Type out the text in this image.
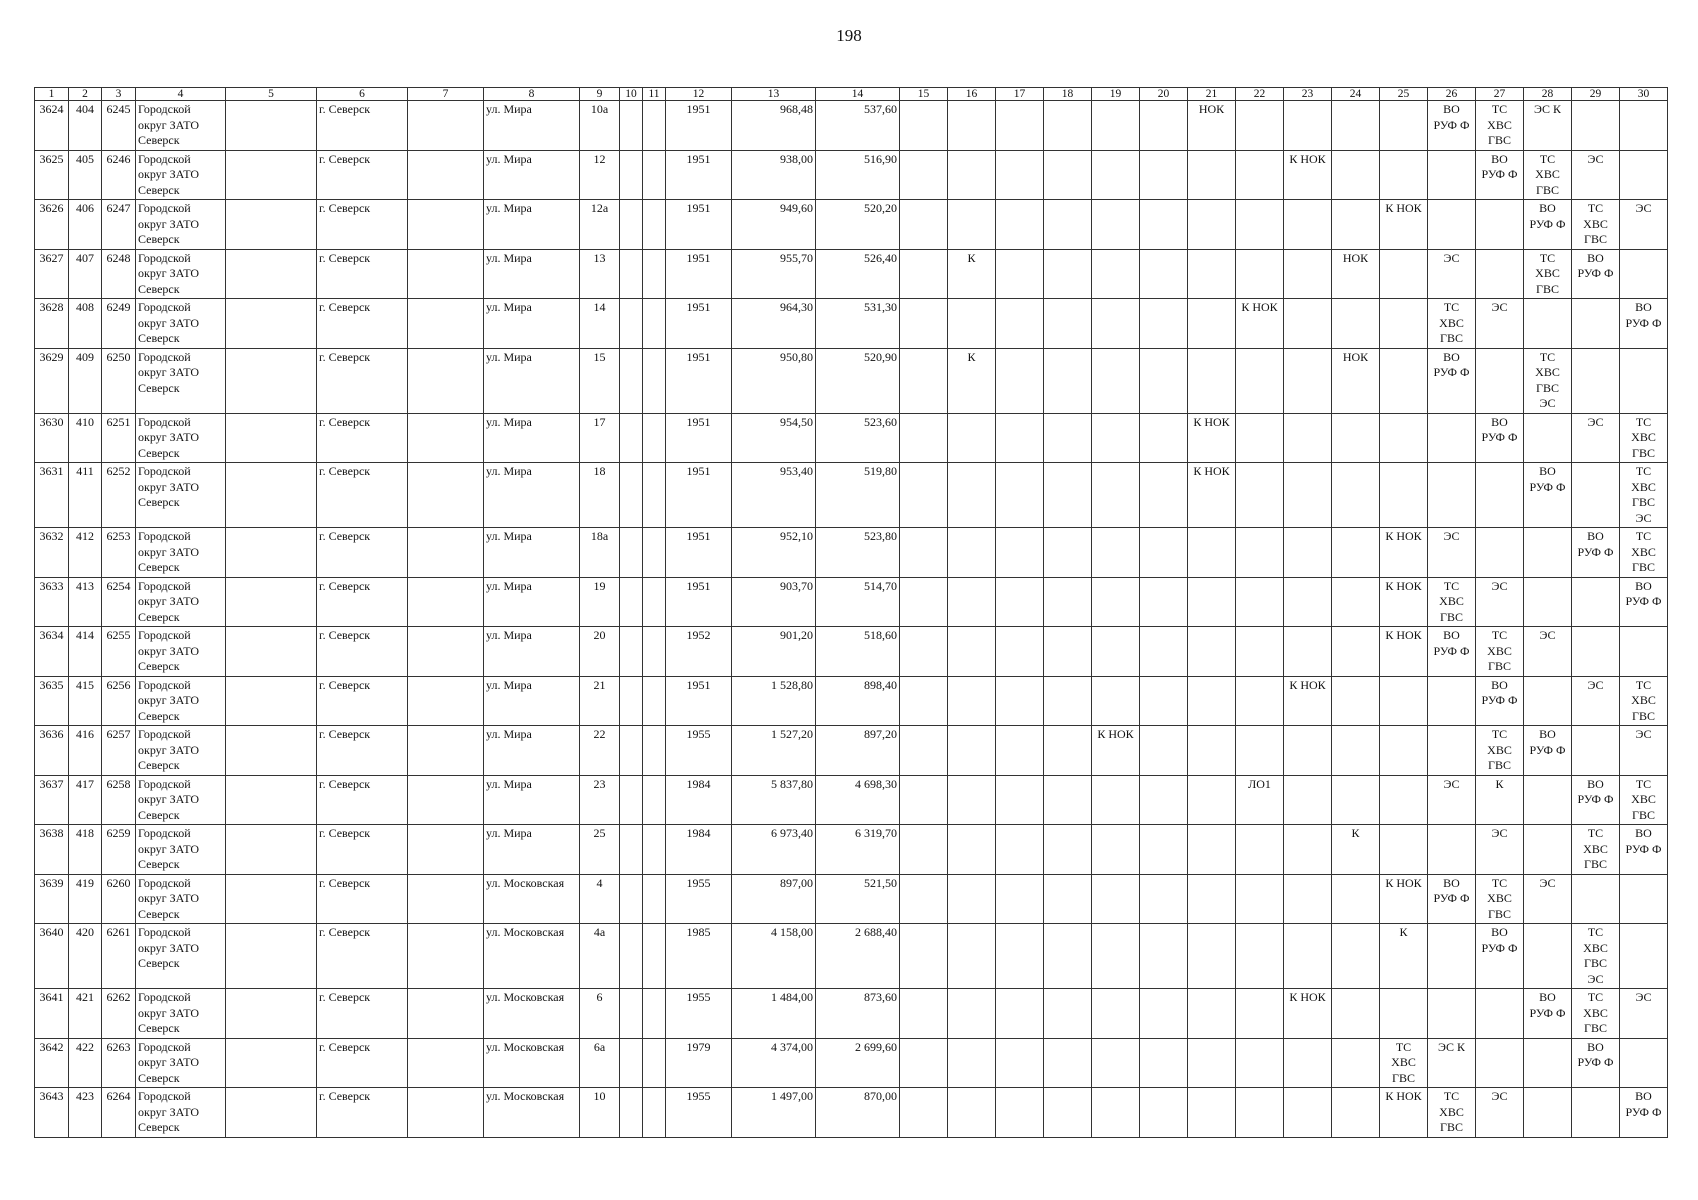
198
1	2	3	4	5	6	7	8	9	10	11	12	13	14	15	16	17	18	19	20	21	22	23	24	25	26	27	28	29	30
3624	404	6245	Городской
округ ЗАТО
Северск		г. Северск		ул. Мира	10а			1951	968,48	537,60							НОК					ВО
РУФ Ф	ТС
ХВС
ГВС	ЭС К		
3625	405	6246	Городской
округ ЗАТО
Северск		г. Северск		ул. Мира	12			1951	938,00	516,90									К НОК				ВО
РУФ Ф	ТС
ХВС
ГВС	ЭС	
3626	406	6247	Городской
округ ЗАТО
Северск		г. Северск		ул. Мира	12а			1951	949,60	520,20											К НОК			ВО
РУФ Ф	ТС
ХВС
ГВС	ЭС
3627	407	6248	Городской
округ ЗАТО
Северск		г. Северск		ул. Мира	13			1951	955,70	526,40		К								НОК		ЭС		ТС
ХВС
ГВС	ВО
РУФ Ф	
3628	408	6249	Городской
округ ЗАТО
Северск		г. Северск		ул. Мира	14			1951	964,30	531,30								К НОК				ТС
ХВС
ГВС	ЭС			ВО
РУФ Ф
3629	409	6250	Городской
округ ЗАТО
Северск		г. Северск		ул. Мира	15			1951	950,80	520,90		К								НОК		ВО
РУФ Ф		ТС
ХВС
ГВС
ЭС		
3630	410	6251	Городской
округ ЗАТО
Северск		г. Северск		ул. Мира	17			1951	954,50	523,60							К НОК						ВО
РУФ Ф		ЭС	ТС
ХВС
ГВС
3631	411	6252	Городской
округ ЗАТО
Северск		г. Северск		ул. Мира	18			1951	953,40	519,80							К НОК							ВО
РУФ Ф		ТС
ХВС
ГВС
ЭС
3632	412	6253	Городской
округ ЗАТО
Северск		г. Северск		ул. Мира	18а			1951	952,10	523,80											К НОК	ЭС			ВО
РУФ Ф	ТС
ХВС
ГВС
3633	413	6254	Городской
округ ЗАТО
Северск		г. Северск		ул. Мира	19			1951	903,70	514,70											К НОК	ТС
ХВС
ГВС	ЭС			ВО
РУФ Ф
3634	414	6255	Городской
округ ЗАТО
Северск		г. Северск		ул. Мира	20			1952	901,20	518,60											К НОК	ВО
РУФ Ф	ТС
ХВС
ГВС	ЭС		
3635	415	6256	Городской
округ ЗАТО
Северск		г. Северск		ул. Мира	21			1951	1 528,80	898,40									К НОК				ВО
РУФ Ф		ЭС	ТС
ХВС
ГВС
3636	416	6257	Городской
округ ЗАТО
Северск		г. Северск		ул. Мира	22			1955	1 527,20	897,20					К НОК								ТС
ХВС
ГВС	ВО
РУФ Ф		ЭС
3637	417	6258	Городской
округ ЗАТО
Северск		г. Северск		ул. Мира	23			1984	5 837,80	4 698,30								ЛО1				ЭС	К		ВО
РУФ Ф	ТС
ХВС
ГВС
3638	418	6259	Городской
округ ЗАТО
Северск		г. Северск		ул. Мира	25			1984	6 973,40	6 319,70										К			ЭС		ТС
ХВС
ГВС	ВО
РУФ Ф
3639	419	6260	Городской
округ ЗАТО
Северск		г. Северск		ул. Московская	4			1955	897,00	521,50											К НОК	ВО
РУФ Ф	ТС
ХВС
ГВС	ЭС		
3640	420	6261	Городской
округ ЗАТО
Северск		г. Северск		ул. Московская	4а			1985	4 158,00	2 688,40											К		ВО
РУФ Ф		ТС
ХВС
ГВС
ЭС	
3641	421	6262	Городской
округ ЗАТО
Северск		г. Северск		ул. Московская	6			1955	1 484,00	873,60									К НОК					ВО
РУФ Ф	ТС
ХВС
ГВС	ЭС
3642	422	6263	Городской
округ ЗАТО
Северск		г. Северск		ул. Московская	6а			1979	4 374,00	2 699,60											ТС
ХВС
ГВС	ЭС К			ВО
РУФ Ф	
3643	423	6264	Городской
округ ЗАТО
Северск		г. Северск		ул. Московская	10			1955	1 497,00	870,00											К НОК	ТС
ХВС
ГВС	ЭС			ВО
РУФ Ф
